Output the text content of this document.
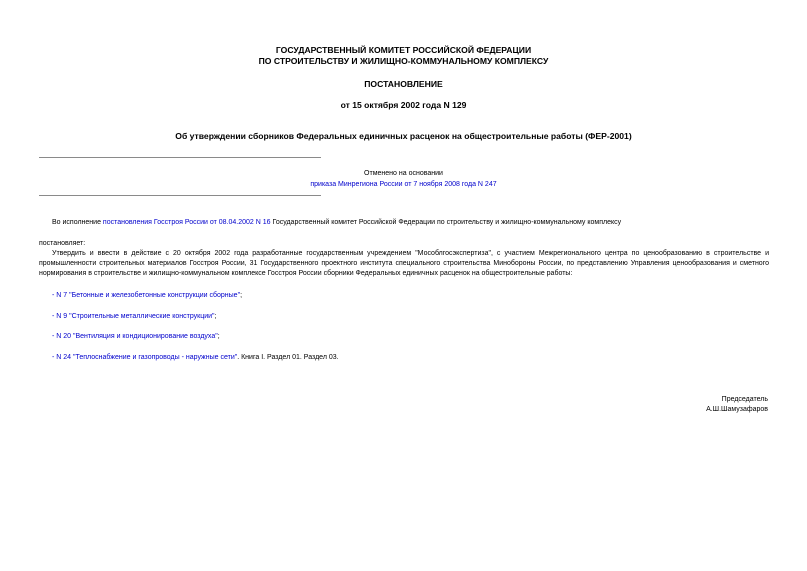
ГОСУДАРСТВЕННЫЙ КОМИТЕТ РОССИЙСКОЙ ФЕДЕРАЦИИ
ПО СТРОИТЕЛЬСТВУ И ЖИЛИЩНО-КОММУНАЛЬНОМУ КОМПЛЕКСУ
ПОСТАНОВЛЕНИЕ
от 15 октября 2002 года N 129
Об утверждении сборников Федеральных единичных расценок на общестроительные работы (ФЕР-2001)
Отменено на основании
приказа Минрегиона России от 7 ноября 2008 года N 247
Во исполнение постановления Госстроя России от 08.04.2002 N 16 Государственный комитет Российской Федерации по строительству и жилищно-коммунальному комплексу
постановляет:
Утвердить и ввести в действие с 20 октября 2002 года разработанные государственным учреждением "Мособлгосэкспертиза", с участием Межрегионального центра по ценообразованию в строительстве и промышленности строительных материалов Госстроя России, 31 Государственного проектного института специального строительства Минобороны России, по представлению Управления ценообразования и сметного нормирования в строительстве и жилищно-коммунальном комплексе Госстроя России сборники Федеральных единичных расценок на общестроительные работы:
- N 7 "Бетонные и железобетонные конструкции сборные";
- N 9 "Строительные металлические конструкции";
- N 20 "Вентиляция и кондиционирование воздуха";
- N 24 "Теплоснабжение и газопроводы - наружные сети". Книга I. Раздел 01. Раздел 03.
Председатель
А.Ш.Шамузафаров
